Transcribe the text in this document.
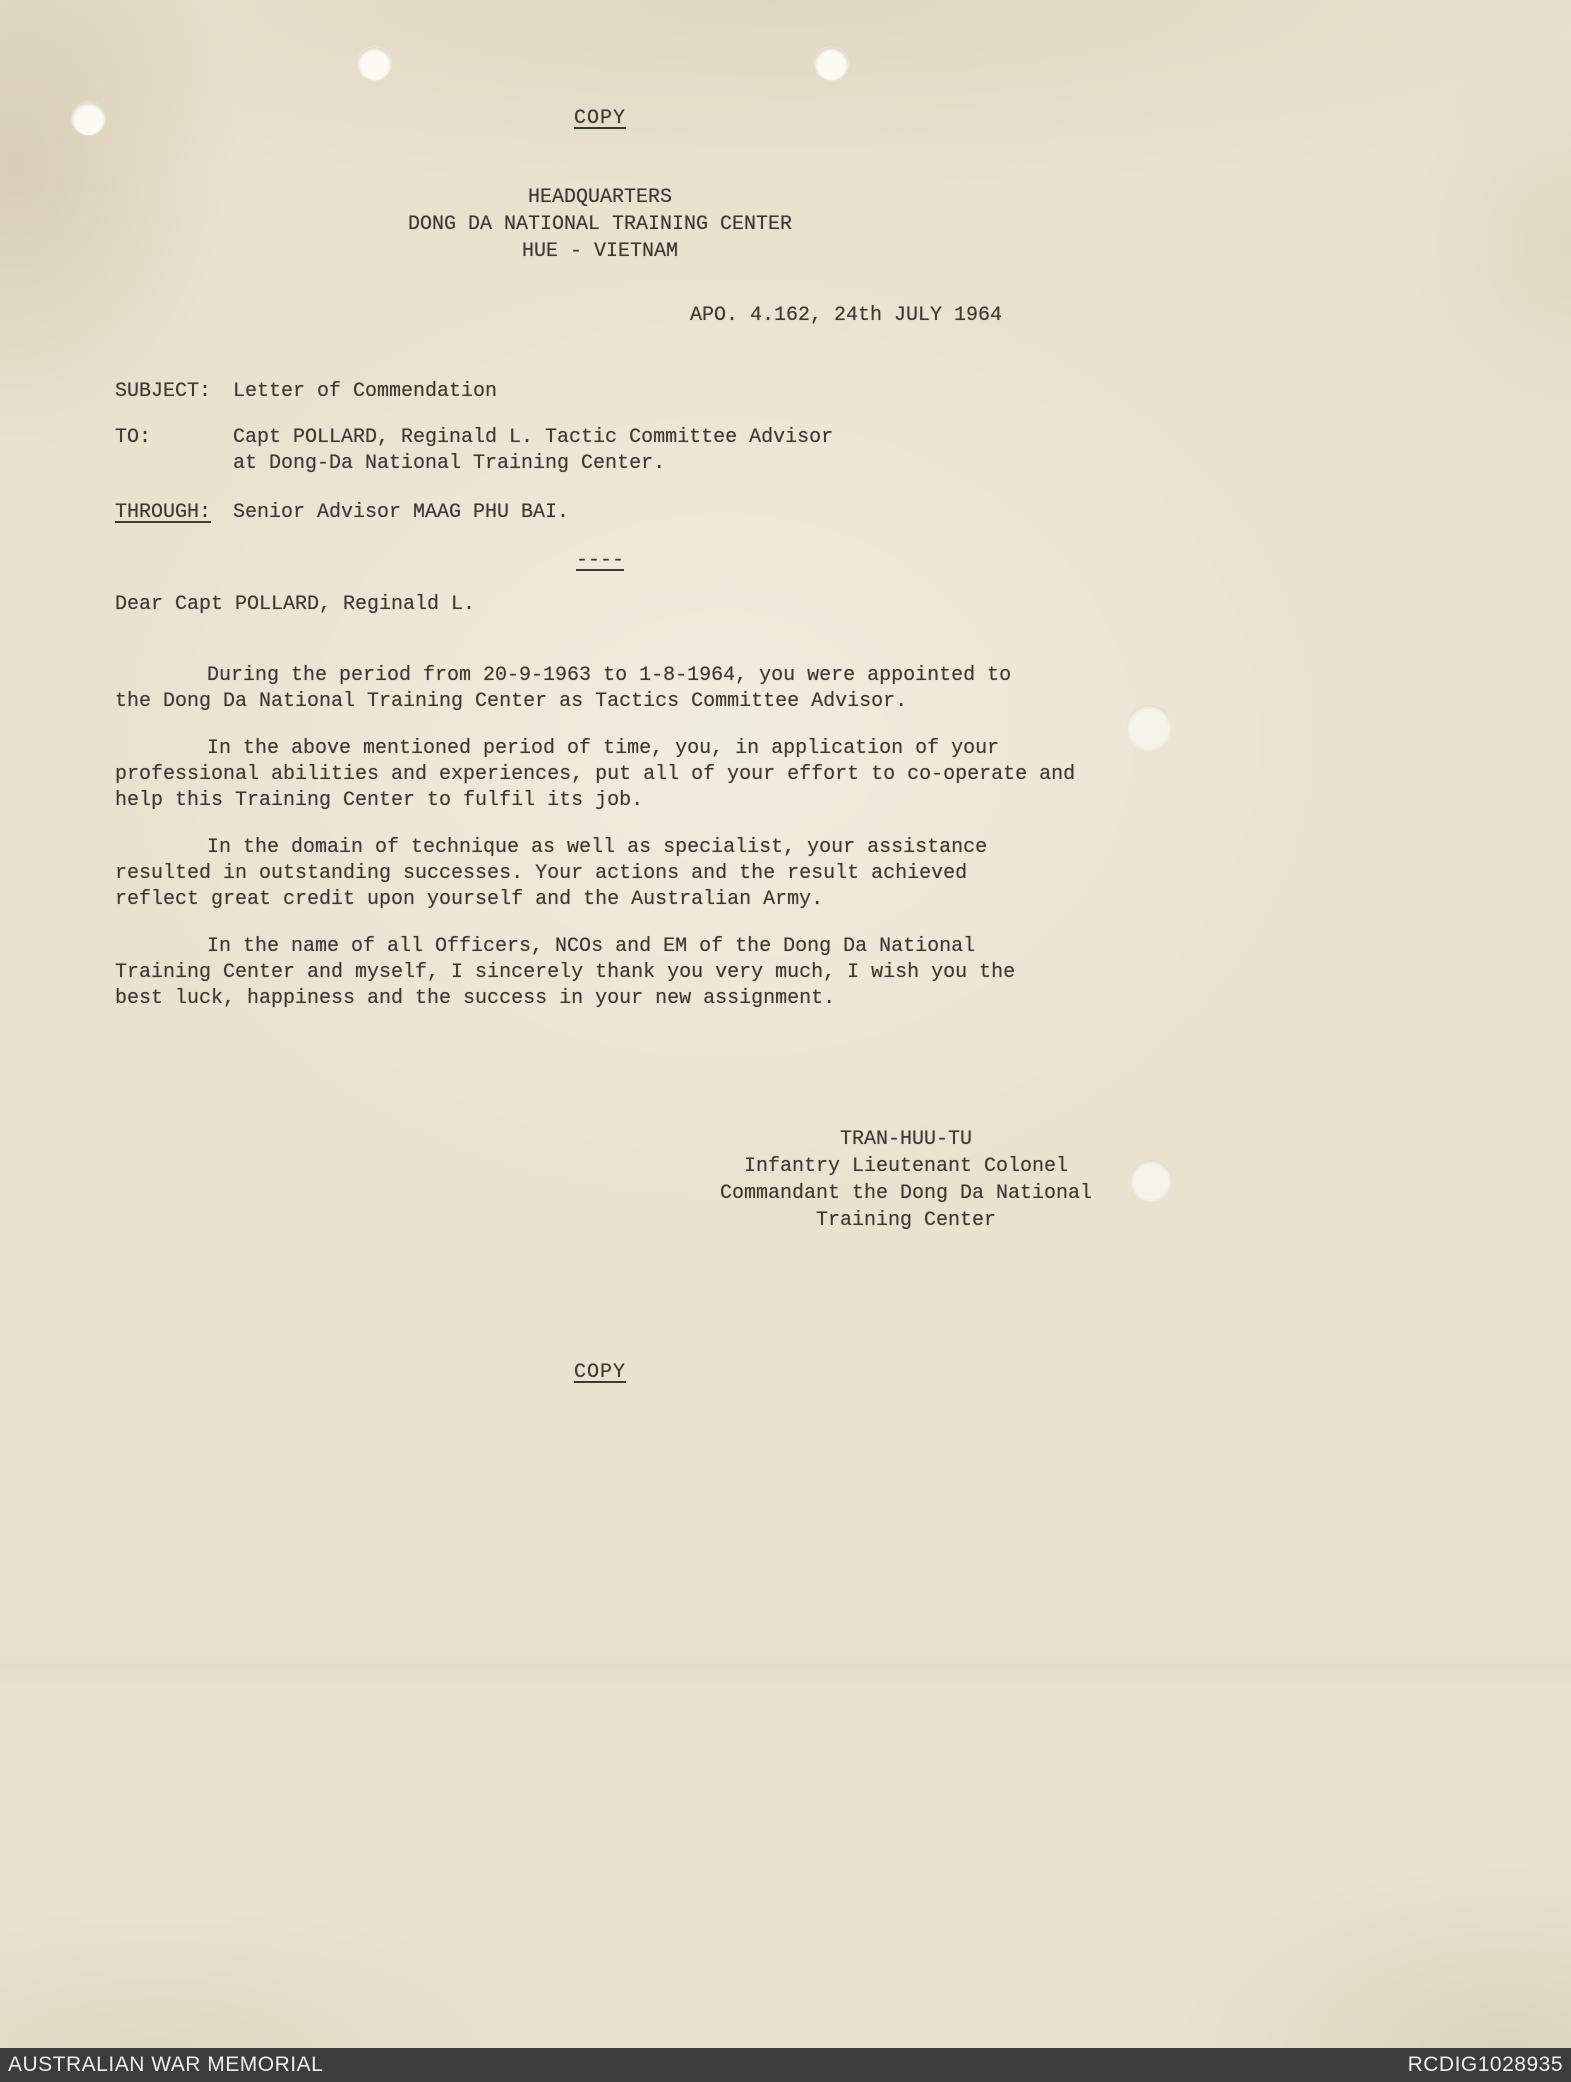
COPY
HEADQUARTERS
DONG DA NATIONAL TRAINING CENTER
HUE - VIETNAM
APO. 4.162, 24th JULY 1964
SUBJECT:	Letter of Commendation
TO:	Capt POLLARD, Reginald L. Tactic Committee Advisor
at Dong-Da National Training Center.
THROUGH:	Senior Advisor MAAG PHU BAI.
----
Dear Capt POLLARD, Reginald L.

During the period from 20-9-1963 to 1-8-1964, you were appointed to
the Dong Da National Training Center as Tactics Committee Advisor.

In the above mentioned period of time, you, in application of your
professional abilities and experiences, put all of your effort to co-operate and
help this Training Center to fulfil its job.

In the domain of technique as well as specialist, your assistance
resulted in outstanding successes. Your actions and the result achieved
reflect great credit upon yourself and the Australian Army.

In the name of all Officers, NCOs and EM of the Dong Da National
Training Center and myself, I sincerely thank you very much, I wish you the
best luck, happiness and the success in your new assignment.

TRAN-HUU-TU
Infantry Lieutenant Colonel
Commandant the Dong Da National
Training Center
COPY
AUSTRALIAN WAR MEMORIAL	RCDIG1028935
